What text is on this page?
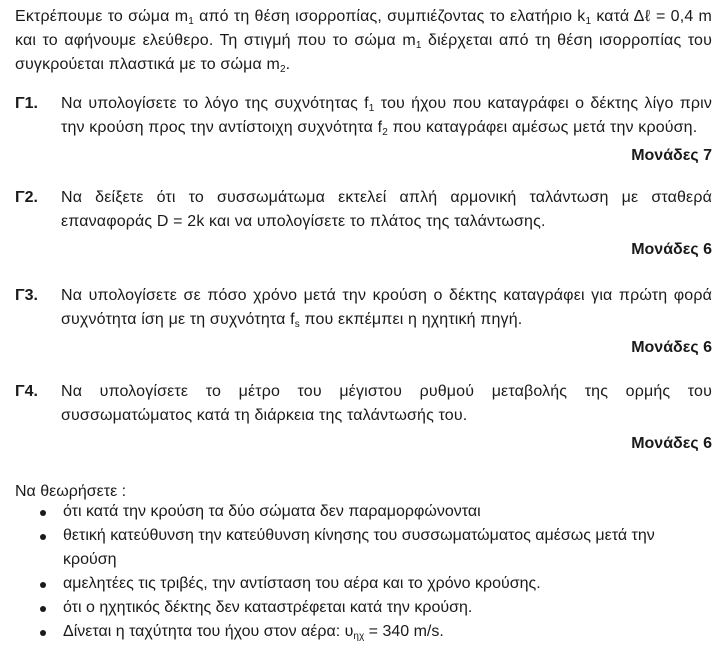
Εκτρέπουμε το σώμα $m_1$ από τη θέση ισορροπίας, συμπιέζοντας το ελατήριο $k_1$ κατά Δℓ = 0,4 m και το αφήνουμε ελεύθερο. Τη στιγμή που το σώμα $m_1$ διέρχεται από τη θέση ισορροπίας του συγκρούεται πλαστικά με το σώμα $m_2$.
Γ1.	Να υπολογίσετε το λόγο της συχνότητας $f_1$ του ήχου που καταγράφει ο δέκτης λίγο πριν την κρούση προς την αντίστοιχη συχνότητα $f_2$ που καταγράφει αμέσως μετά την κρούση.
Μονάδες 7
Γ2.	Να δείξετε ότι το συσσωμάτωμα εκτελεί απλή αρμονική ταλάντωση με σταθερά επαναφοράς D = 2k και να υπολογίσετε το πλάτος της ταλάντωσης.
Μονάδες 6
Γ3.	Να υπολογίσετε σε πόσο χρόνο μετά την κρούση ο δέκτης καταγράφει για πρώτη φορά συχνότητα ίση με τη συχνότητα $f_s$ που εκπέμπει η ηχητική πηγή.
Μονάδες 6
Γ4.	Να υπολογίσετε το μέτρο του μέγιστου ρυθμού μεταβολής της ορμής του συσσωματώματος κατά τη διάρκεια της ταλάντωσής του.
Μονάδες 6
Να θεωρήσετε :
ότι κατά την κρούση τα δύο σώματα δεν παραμορφώνονται
θετική κατεύθυνση την κατεύθυνση κίνησης του συσσωματώματος αμέσως μετά την κρούση
αμελητέες τις τριβές, την αντίσταση του αέρα και το χρόνο κρούσης.
ότι ο ηχητικός δέκτης δεν καταστρέφεται κατά την κρούση.
Δίνεται η ταχύτητα του ήχου στον αέρα: $\upsilon_{\eta\chi} = 340$ m/s.
